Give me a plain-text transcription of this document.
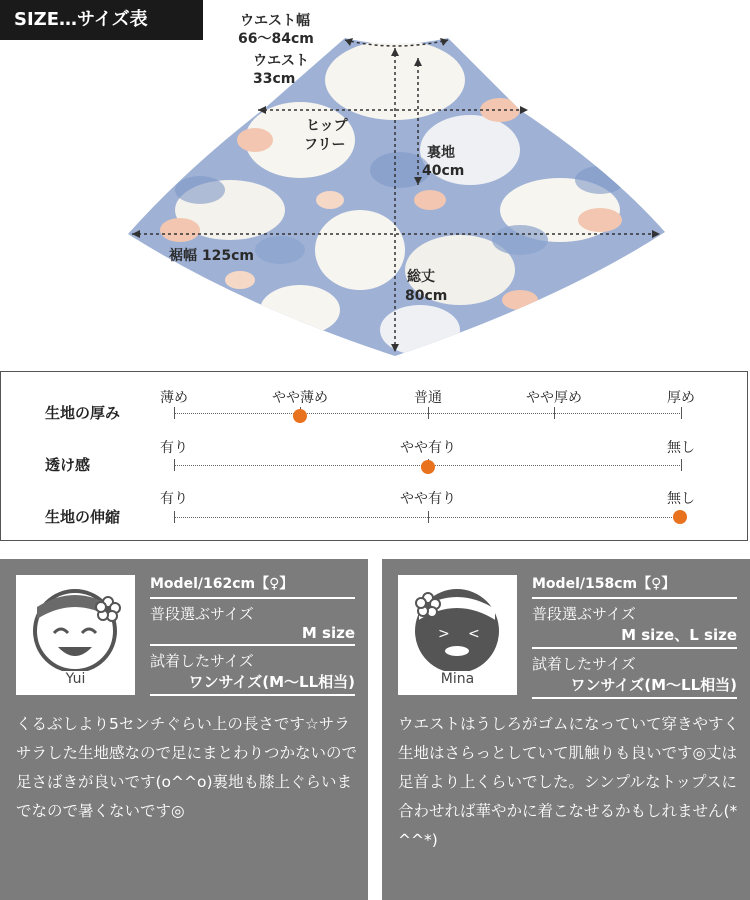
SIZE…サイズ表	ウエスト幅
66〜84cm
ウエスト
33cm
ヒップ
フリー	裏地
40cm
裾幅 125cm
総丈
80cm
生地の厚み
薄め	やや薄め	普通	やや厚め	厚め
透け感
有り	やや有り	無し
生地の伸縮
有り	やや有り	無し
Yui
Model/162cm【♀】
普段選ぶサイズ
M size
試着したサイズ
ワンサイズ(M〜LL相当)
くるぶしより5センチぐらい上の長さです☆サラサラした生地感なので足にまとわりつかないので足さばきが良いです(o^^o)裏地も膝上ぐらいまでなので暑くないです◎
> <
Mina
Model/158cm【♀】
普段選ぶサイズ
M size、L size
試着したサイズ
ワンサイズ(M〜LL相当)
ウエストはうしろがゴムになっていて穿きやすく生地はさらっとしていて肌触りも良いです◎丈は足首より上くらいでした。シンプルなトップスに合わせれば華やかに着こなせるかもしれません(*^^*)
